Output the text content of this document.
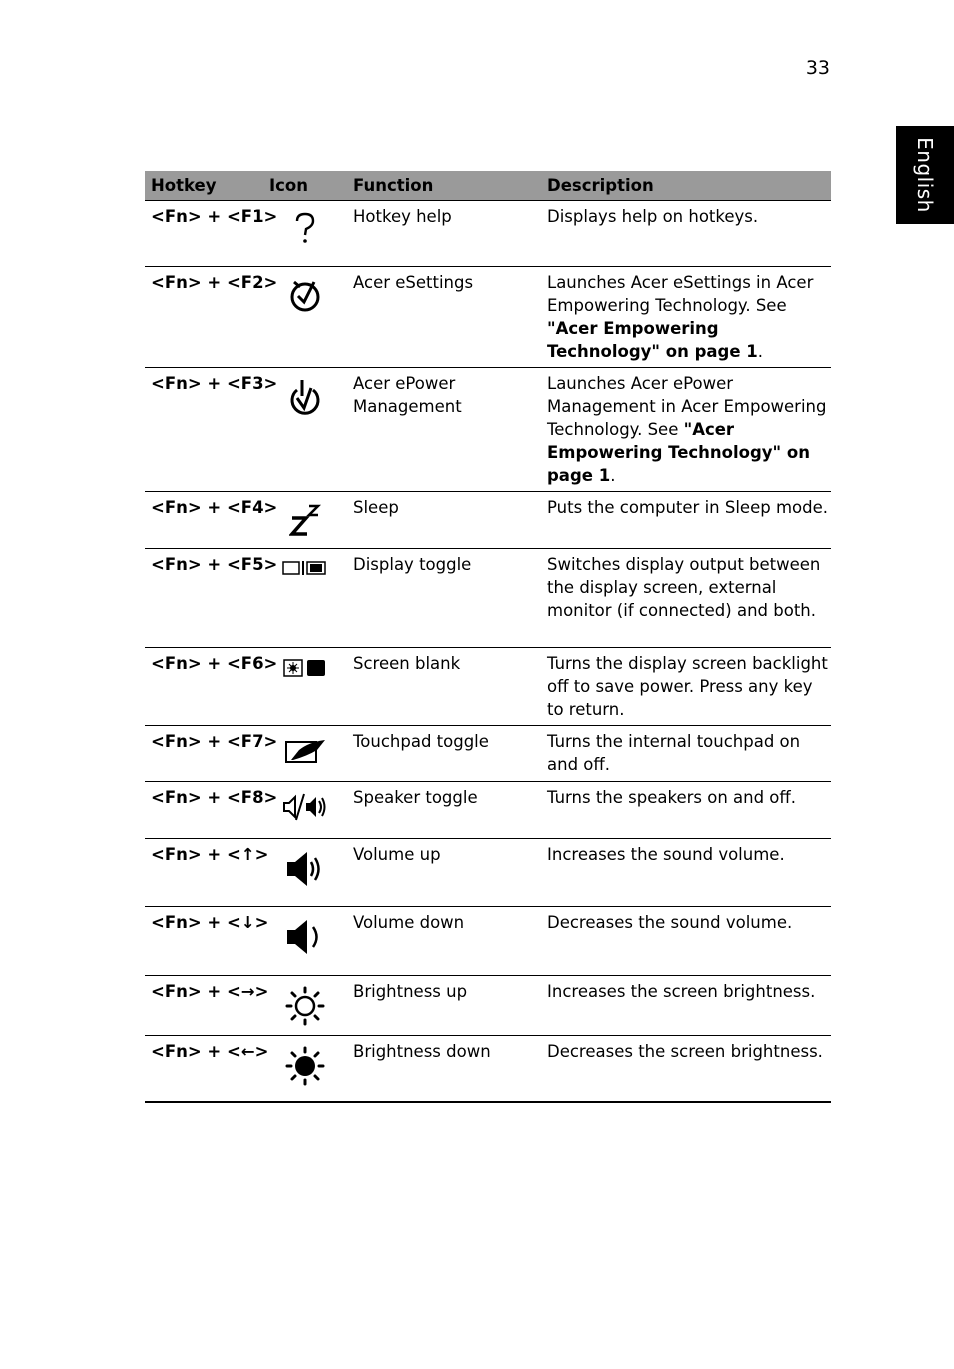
33
English
Hotkey	Icon	Function	Description
<Fn> + <F1>		Hotkey help	Displays help on hotkeys.
<Fn> + <F2>		Acer eSettings	Launches Acer eSettings in Acer Empowering Technology. See "Acer Empowering Technology" on page 1.
<Fn> + <F3>		Acer ePower Management	Launches Acer ePower Management in Acer Empowering Technology. See "Acer Empowering Technology" on page 1.
<Fn> + <F4>		Sleep	Puts the computer in Sleep mode.
<Fn> + <F5>		Display toggle	Switches display output between the display screen, external monitor (if connected) and both.
<Fn> + <F6>		Screen blank	Turns the display screen backlight off to save power. Press any key to return.
<Fn> + <F7>		Touchpad toggle	Turns the internal touchpad on and off.
<Fn> + <F8>		Speaker toggle	Turns the speakers on and off.
<Fn> + <↑>		Volume up	Increases the sound volume.
<Fn> + <↓>		Volume down	Decreases the sound volume.
<Fn> + <→>		Brightness up	Increases the screen brightness.
<Fn> + <←>		Brightness down	Decreases the screen brightness.
